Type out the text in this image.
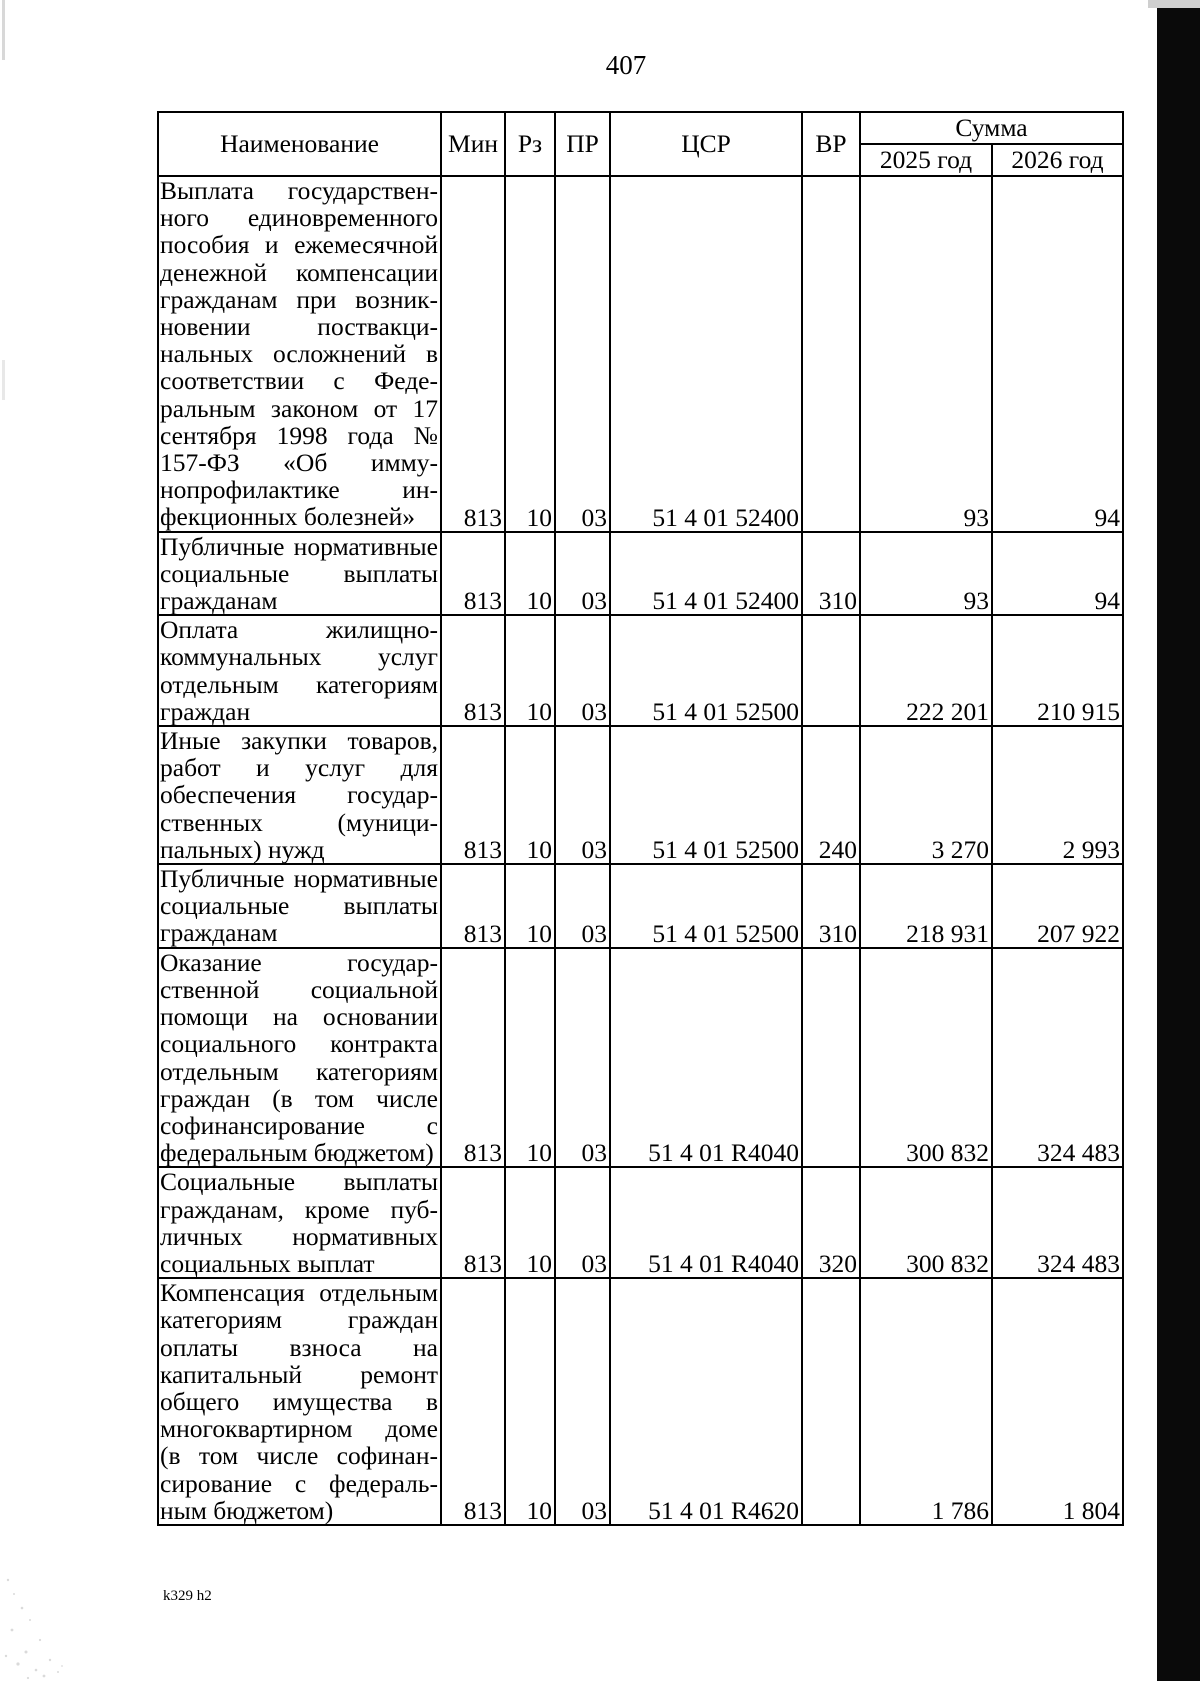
407
Наименование	Мин	Рз	ПР	ЦСР	ВР	Сумма	
						2025 год	2026 год
Выплата государственного единовременного пособия и ежемесячной денежной компенсации гражданам при возникновении поствакцинальных осложнений в соответствии с Федеральным законом от 17 сентября 1998 года № 157-ФЗ «Об иммунопрофилактике инфекционных болезней»	813	10	03	51 4 01 52400		93	94
Публичные нормативные социальные выплаты гражданам	813	10	03	51 4 01 52400	310	93	94
Оплата жилищно-коммунальных услуг отдельным категориям граждан	813	10	03	51 4 01 52500		222 201	210 915
Иные закупки товаров, работ и услуг для обеспечения государственных (муниципальных) нужд	813	10	03	51 4 01 52500	240	3 270	2 993
Публичные нормативные социальные выплаты гражданам	813	10	03	51 4 01 52500	310	218 931	207 922
Оказание государственной социальной помощи на основании социального контракта отдельным категориям граждан (в том числе софинансирование с федеральным бюджетом)	813	10	03	51 4 01 R4040		300 832	324 483
Социальные выплаты гражданам, кроме публичных нормативных социальных выплат	813	10	03	51 4 01 R4040	320	300 832	324 483
Компенсация отдельным категориям граждан оплаты взноса на капитальный ремонт общего имущества в многоквартирном доме (в том числе софинансирование с федеральным бюджетом)	813	10	03	51 4 01 R4620		1 786	1 804
k329 h2
